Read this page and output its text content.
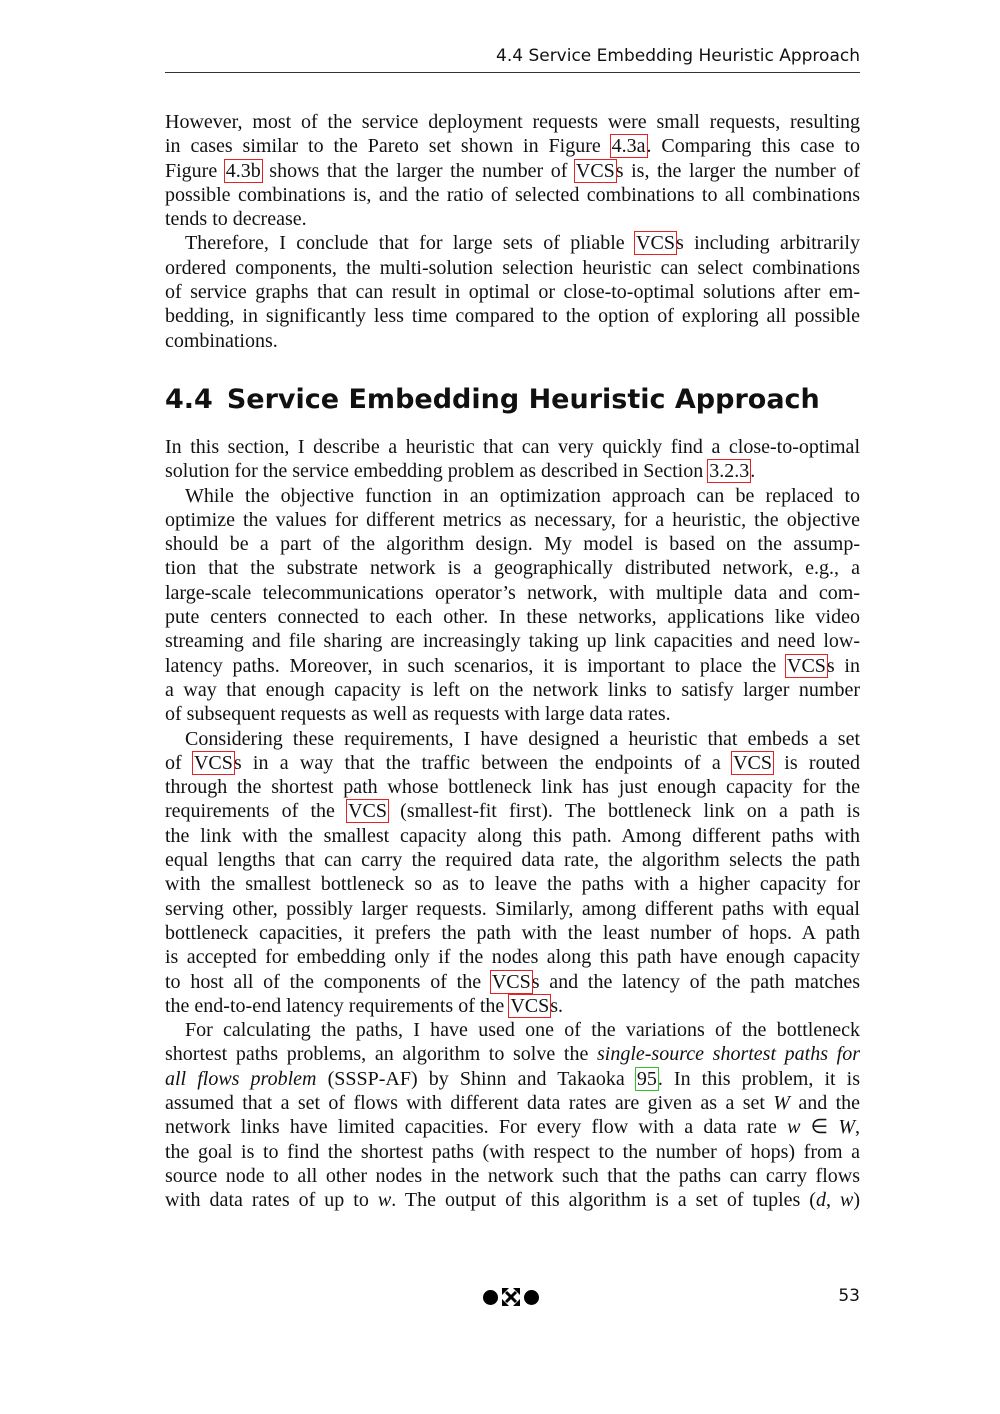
4.4 Service Embedding Heuristic Approach
However, most of the service deployment requests were small requests, resulting
in cases similar to the Pareto set shown in Figure 4.3a. Comparing this case to
Figure 4.3b shows that the larger the number of VCSs is, the larger the number of
possible combinations is, and the ratio of selected combinations to all combinations
tends to decrease.
Therefore, I conclude that for large sets of pliable VCSs including arbitrarily
ordered components, the multi-solution selection heuristic can select combinations
of service graphs that can result in optimal or close-to-optimal solutions after em-
bedding, in significantly less time compared to the option of exploring all possible
combinations.
4.4 Service Embedding Heuristic Approach
In this section, I describe a heuristic that can very quickly find a close-to-optimal
solution for the service embedding problem as described in Section 3.2.3.
While the objective function in an optimization approach can be replaced to
optimize the values for different metrics as necessary, for a heuristic, the objective
should be a part of the algorithm design. My model is based on the assump-
tion that the substrate network is a geographically distributed network, e.g., a
large-scale telecommunications operator’s network, with multiple data and com-
pute centers connected to each other. In these networks, applications like video
streaming and file sharing are increasingly taking up link capacities and need low-
latency paths. Moreover, in such scenarios, it is important to place the VCSs in
a way that enough capacity is left on the network links to satisfy larger number
of subsequent requests as well as requests with large data rates.
Considering these requirements, I have designed a heuristic that embeds a set
of VCSs in a way that the traffic between the endpoints of a VCS is routed
through the shortest path whose bottleneck link has just enough capacity for the
requirements of the VCS (smallest-fit first). The bottleneck link on a path is
the link with the smallest capacity along this path. Among different paths with
equal lengths that can carry the required data rate, the algorithm selects the path
with the smallest bottleneck so as to leave the paths with a higher capacity for
serving other, possibly larger requests. Similarly, among different paths with equal
bottleneck capacities, it prefers the path with the least number of hops. A path
is accepted for embedding only if the nodes along this path have enough capacity
to host all of the components of the VCSs and the latency of the path matches
the end-to-end latency requirements of the VCSs.
For calculating the paths, I have used one of the variations of the bottleneck
shortest paths problems, an algorithm to solve the single-source shortest paths for
all flows problem (SSSP-AF) by Shinn and Takaoka 95. In this problem, it is
assumed that a set of flows with different data rates are given as a set W and the
network links have limited capacities. For every flow with a data rate w ∈ W,
the goal is to find the shortest paths (with respect to the number of hops) from a
source node to all other nodes in the network such that the paths can carry flows
with data rates of up to w. The output of this algorithm is a set of tuples (d, w)
53
